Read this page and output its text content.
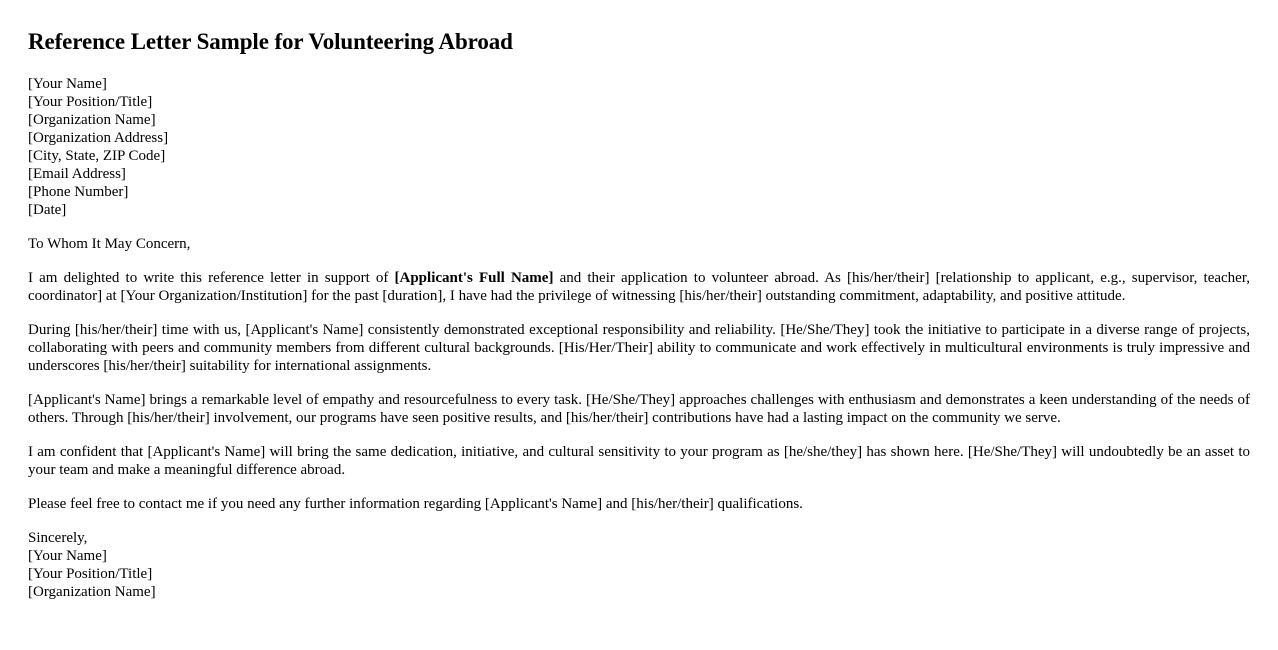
Reference Letter Sample for Volunteering Abroad
[Your Name]
[Your Position/Title]
[Organization Name]
[Organization Address]
[City, State, ZIP Code]
[Email Address]
[Phone Number]
[Date]

To Whom It May Concern,

I am delighted to write this reference letter in support of [Applicant's Full Name] and their application to volunteer abroad. As [his/her/their] [relationship to applicant, e.g., supervisor, teacher, coordinator] at [Your Organization/Institution] for the past [duration], I have had the privilege of witnessing [his/her/their] outstanding commitment, adaptability, and positive attitude.

During [his/her/their] time with us, [Applicant's Name] consistently demonstrated exceptional responsibility and reliability. [He/She/They] took the initiative to participate in a diverse range of projects, collaborating with peers and community members from different cultural backgrounds. [His/Her/Their] ability to communicate and work effectively in multicultural environments is truly impressive and underscores [his/her/their] suitability for international assignments.

[Applicant's Name] brings a remarkable level of empathy and resourcefulness to every task. [He/She/They] approaches challenges with enthusiasm and demonstrates a keen understanding of the needs of others. Through [his/her/their] involvement, our programs have seen positive results, and [his/her/their] contributions have had a lasting impact on the community we serve.

I am confident that [Applicant's Name] will bring the same dedication, initiative, and cultural sensitivity to your program as [he/she/they] has shown here. [He/She/They] will undoubtedly be an asset to your team and make a meaningful difference abroad.

Please feel free to contact me if you need any further information regarding [Applicant's Name] and [his/her/their] qualifications.

Sincerely,
[Your Name]
[Your Position/Title]
[Organization Name]
